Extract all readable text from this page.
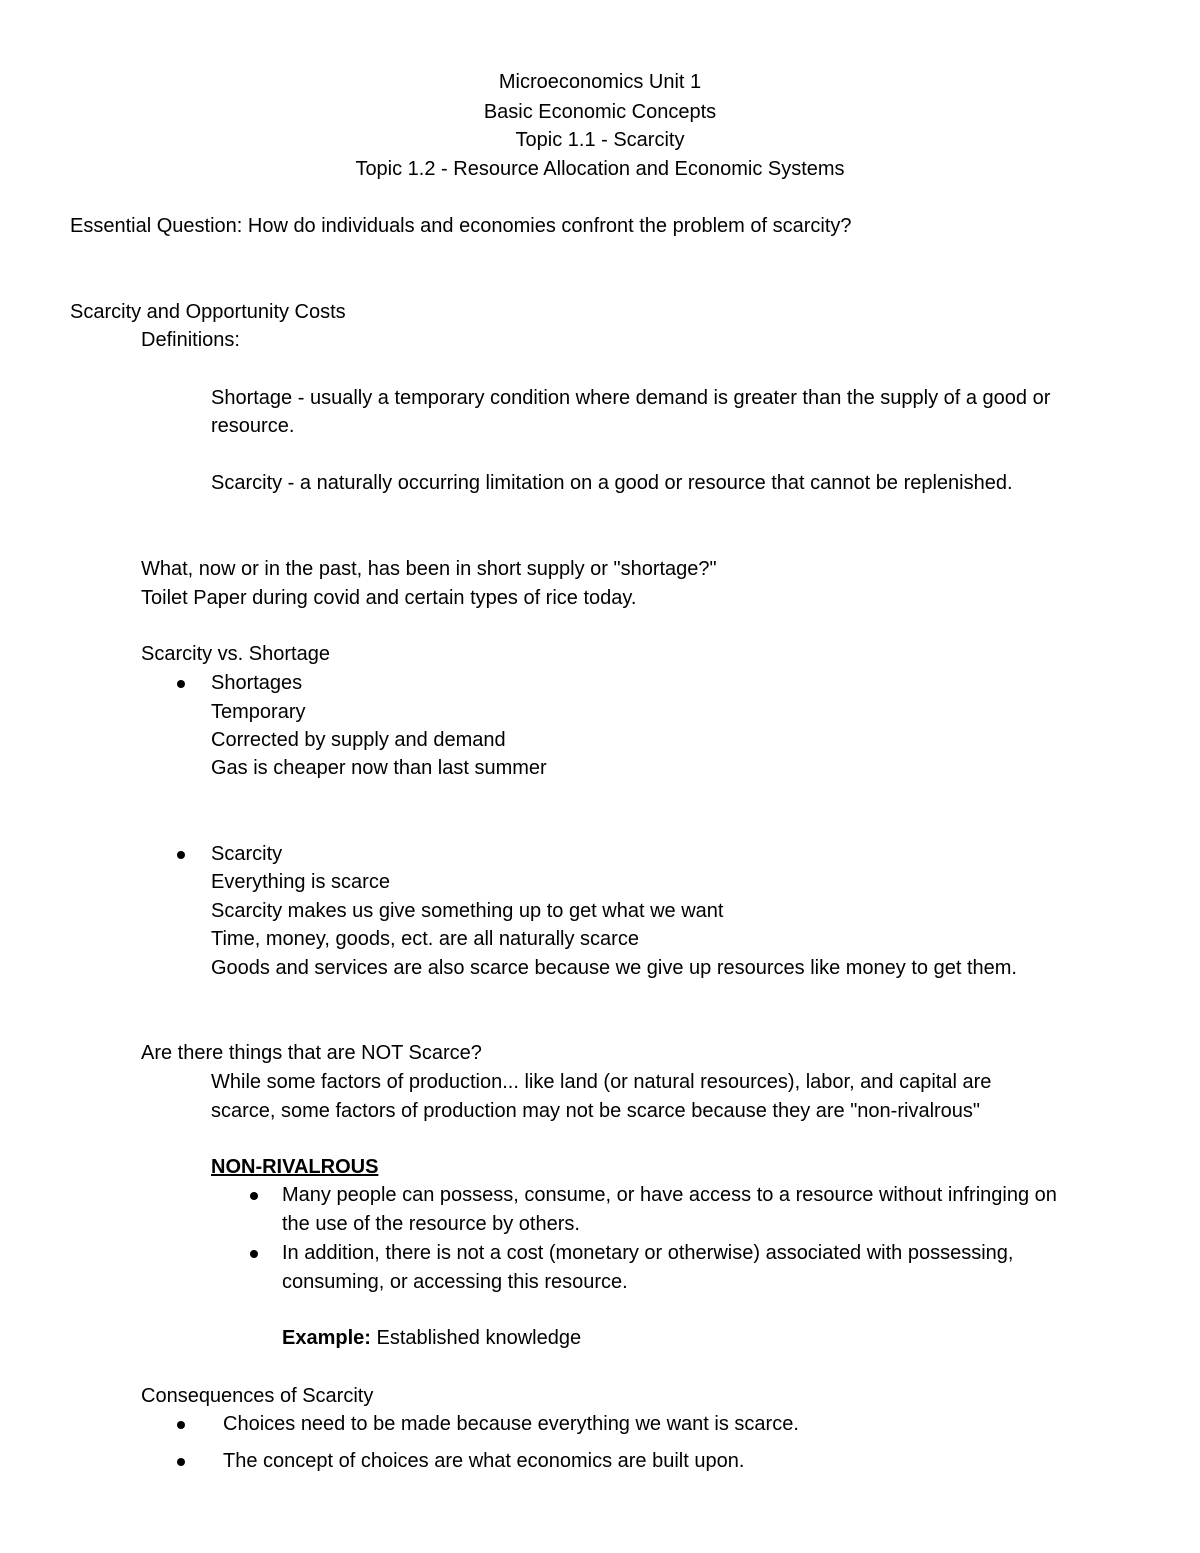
Microeconomics Unit 1
Basic Economic Concepts
Topic 1.1 - Scarcity
Topic 1.2 - Resource Allocation and Economic Systems
Essential Question: How do individuals and economies confront the problem of scarcity?
Scarcity and Opportunity Costs
Definitions:
Shortage - usually a temporary condition where demand is greater than the supply of a good or
resource.
Scarcity - a naturally occurring limitation on a good or resource that cannot be replenished.
What, now or in the past, has been in short supply or "shortage?"
Toilet Paper during covid and certain types of rice today.
Scarcity vs. Shortage
Shortages
Temporary
Corrected by supply and demand
Gas is cheaper now than last summer
Scarcity
Everything is scarce
Scarcity makes us give something up to get what we want
Time, money, goods, ect. are all naturally scarce
Goods and services are also scarce because we give up resources like money to get them.
Are there things that are NOT Scarce?
While some factors of production... like land (or natural resources), labor, and capital are
scarce, some factors of production may not be scarce because they are "non-rivalrous"
NON-RIVALROUS
Many people can possess, consume, or have access to a resource without infringing on
the use of the resource by others.
In addition, there is not a cost (monetary or otherwise) associated with possessing,
consuming, or accessing this resource.
Example: Established knowledge
Consequences of Scarcity
Choices need to be made because everything we want is scarce.
The concept of choices are what economics are built upon.
